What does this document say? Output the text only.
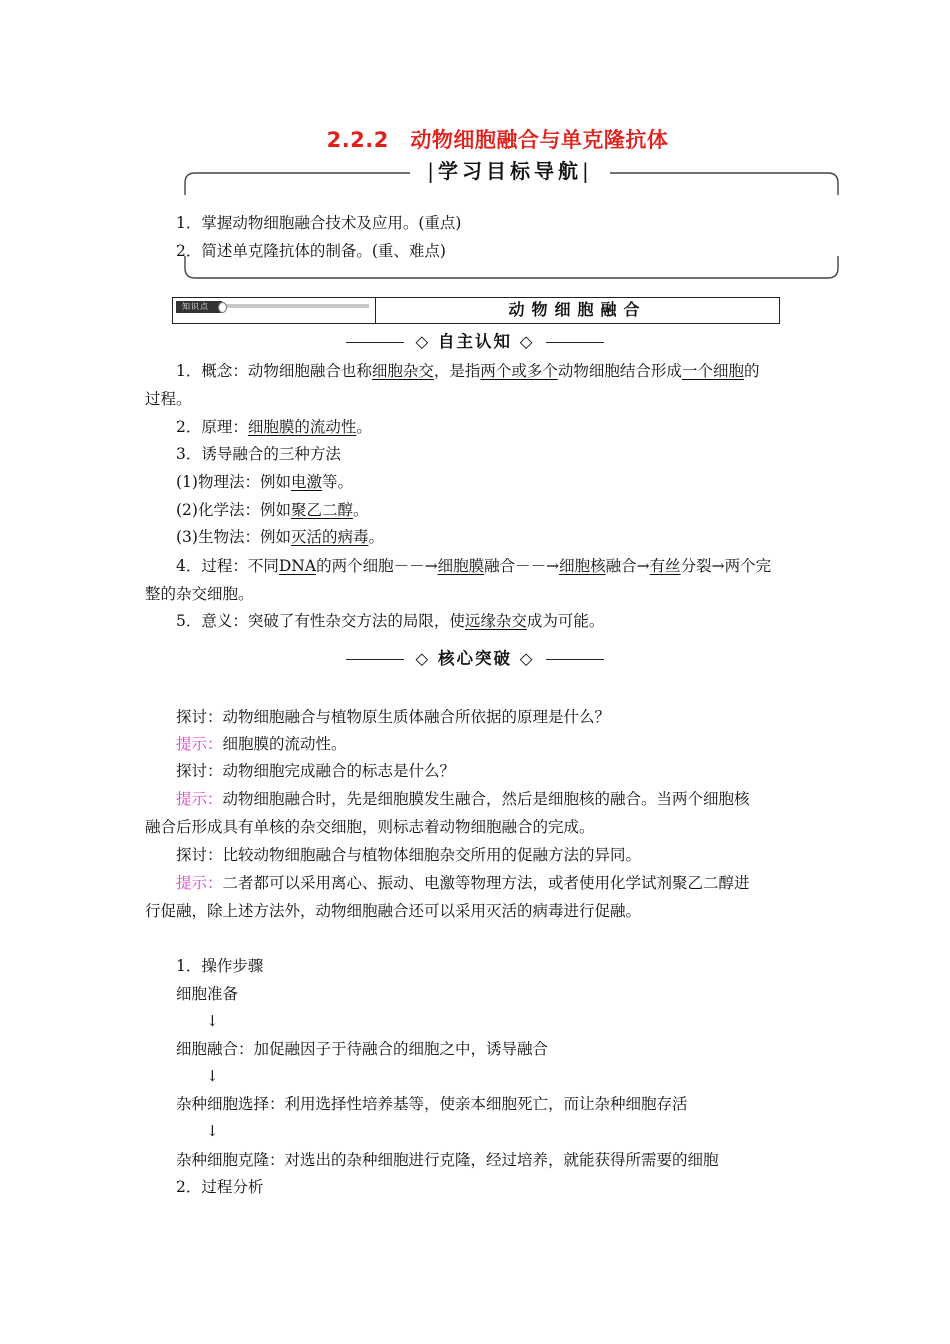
2.2.2　动物细胞融合与单克隆抗体
|学习目标导航|
1．掌握动物细胞融合技术及应用。(重点)
2．简述单克隆抗体的制备。(重、难点)
知识点	动物细胞融合
◇ 自主认知 ◇
1．概念：动物细胞融合也称细胞杂交，是指两个或多个动物细胞结合形成一个细胞的
过程。
2．原理：细胞膜的流动性。
3．诱导融合的三种方法
(1)物理法：例如电激等。
(2)化学法：例如聚乙二醇。
(3)生物法：例如灭活的病毒。
4．过程：不同DNA的两个细胞－－→细胞膜融合－－→细胞核融合→有丝分裂→两个完
整的杂交细胞。
5．意义：突破了有性杂交方法的局限，使远缘杂交成为可能。
◇ 核心突破 ◇
探讨：动物细胞融合与植物原生质体融合所依据的原理是什么？
提示：细胞膜的流动性。
探讨：动物细胞完成融合的标志是什么？
提示：动物细胞融合时，先是细胞膜发生融合，然后是细胞核的融合。当两个细胞核
融合后形成具有单核的杂交细胞，则标志着动物细胞融合的完成。
探讨：比较动物细胞融合与植物体细胞杂交所用的促融方法的异同。
提示：二者都可以采用离心、振动、电激等物理方法，或者使用化学试剂聚乙二醇进
行促融，除上述方法外，动物细胞融合还可以采用灭活的病毒进行促融。
1．操作步骤
细胞准备
↓
细胞融合：加促融因子于待融合的细胞之中，诱导融合
↓
杂种细胞选择：利用选择性培养基等，使亲本细胞死亡，而让杂种细胞存活
↓
杂种细胞克隆：对选出的杂种细胞进行克隆，经过培养，就能获得所需要的细胞
2．过程分析
